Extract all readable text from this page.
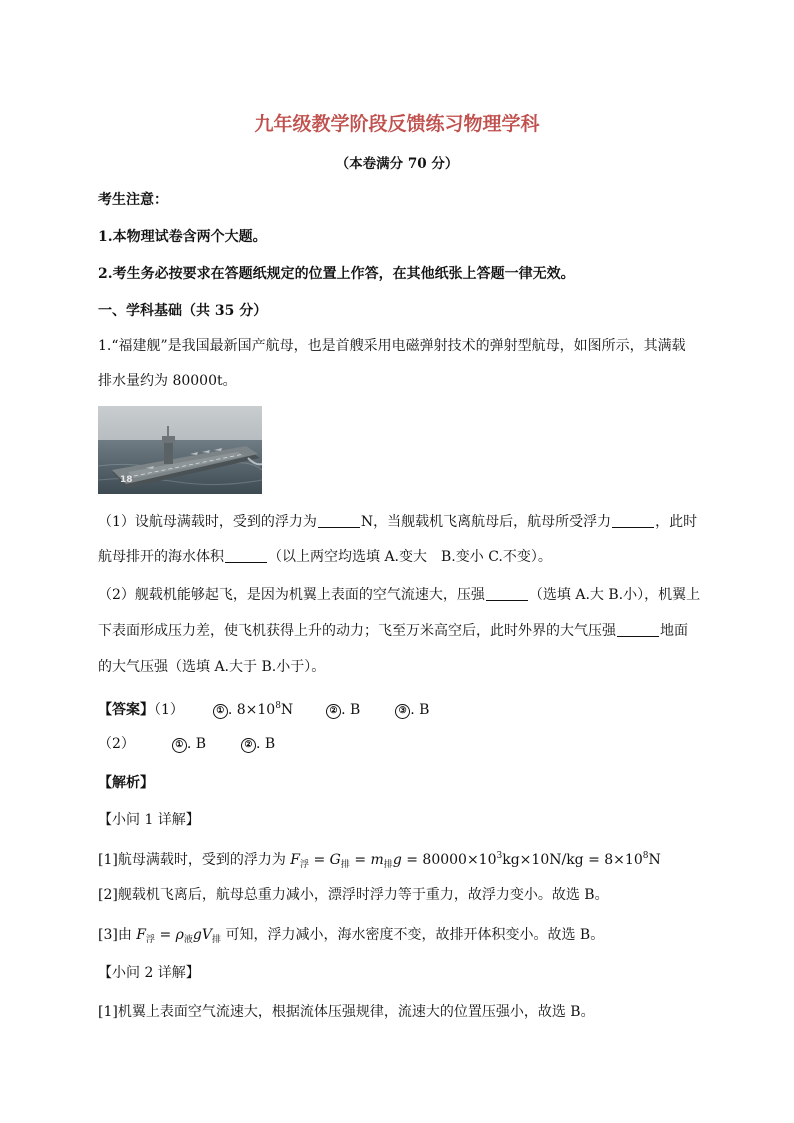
九年级教学阶段反馈练习物理学科
（本卷满分 70 分）
考生注意：
1.本物理试卷含两个大题。
2.考生务必按要求在答题纸规定的位置上作答，在其他纸张上答题一律无效。
一、学科基础（共 35 分）
1.“福建舰”是我国最新国产航母，也是首艘采用电磁弹射技术的弹射型航母，如图所示，其满载
排水量约为 80000t。
18
（1）设航母满载时，受到的浮力为	N，当舰载机飞离航母后，航母所受浮力	，此时
航母排开的海水体积	（以上两空均选填 A.变大　B.变小 C.不变）。
（2）舰载机能够起飞，是因为机翼上表面的空气流速大，压强	（选填 A.大 B.小），机翼上
下表面形成压力差，使飞机获得上升的动力；飞至万米高空后，此时外界的大气压强	地面
的大气压强（选填 A.大于 B.小于）。
【答案】（1）	① . $8\times 10^8N$	② . B	③ . B
（2）	① . B	② . B
【解析】
【小问 1 详解】
[1]航母满载时，受到的浮力为 $F_浮 = G_排 = m_排g = 80000\times 10^3kg\times 10N/kg = 8\times 10^8N$
[2]舰载机飞离后，航母总重力减小，漂浮时浮力等于重力，故浮力变小。故选 B。
[3]由 $F_浮 = \rho_液gV_排$ 可知，浮力减小，海水密度不变，故排开体积变小。故选 B。
【小问 2 详解】
[1]机翼上表面空气流速大，根据流体压强规律，流速大的位置压强小，故选 B。
